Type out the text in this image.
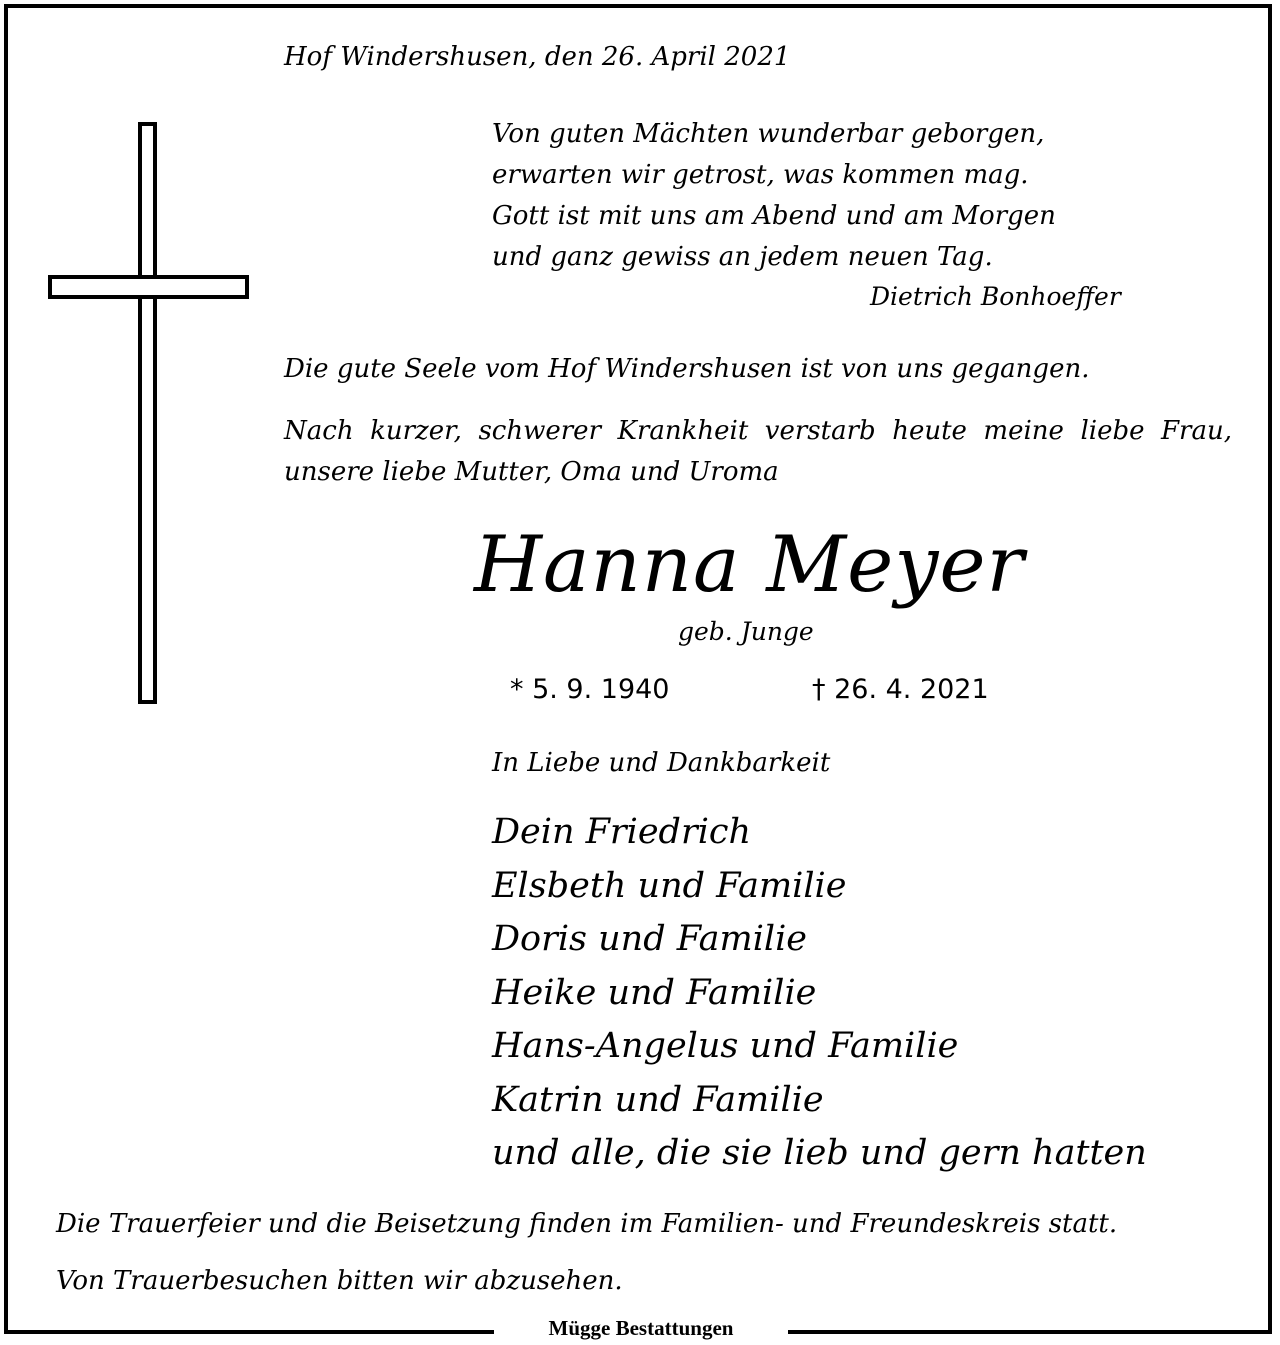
Hof Windershusen, den 26. April 2021

Von guten Mächten wunderbar geborgen,
erwarten wir getrost, was kommen mag.
Gott ist mit uns am Abend und am Morgen
und ganz gewiss an jedem neuen Tag.

Dietrich Bonhoeffer

Die gute Seele vom Hof Windershusen ist von uns gegangen.

Nach kurzer, schwerer Krankheit verstarb heute meine liebe Frau, unsere liebe Mutter, Oma und Uroma

Hanna Meyer

geb. Junge

* 5. 9. 1940	† 26. 4. 2021

In Liebe und Dankbarkeit

Dein Friedrich
Elsbeth und Familie
Doris und Familie
Heike und Familie
Hans-Angelus und Familie
Katrin und Familie
und alle, die sie lieb und gern hatten

Die Trauerfeier und die Beisetzung finden im Familien- und Freundeskreis statt.

Von Trauerbesuchen bitten wir abzusehen.

Mügge Bestattungen
